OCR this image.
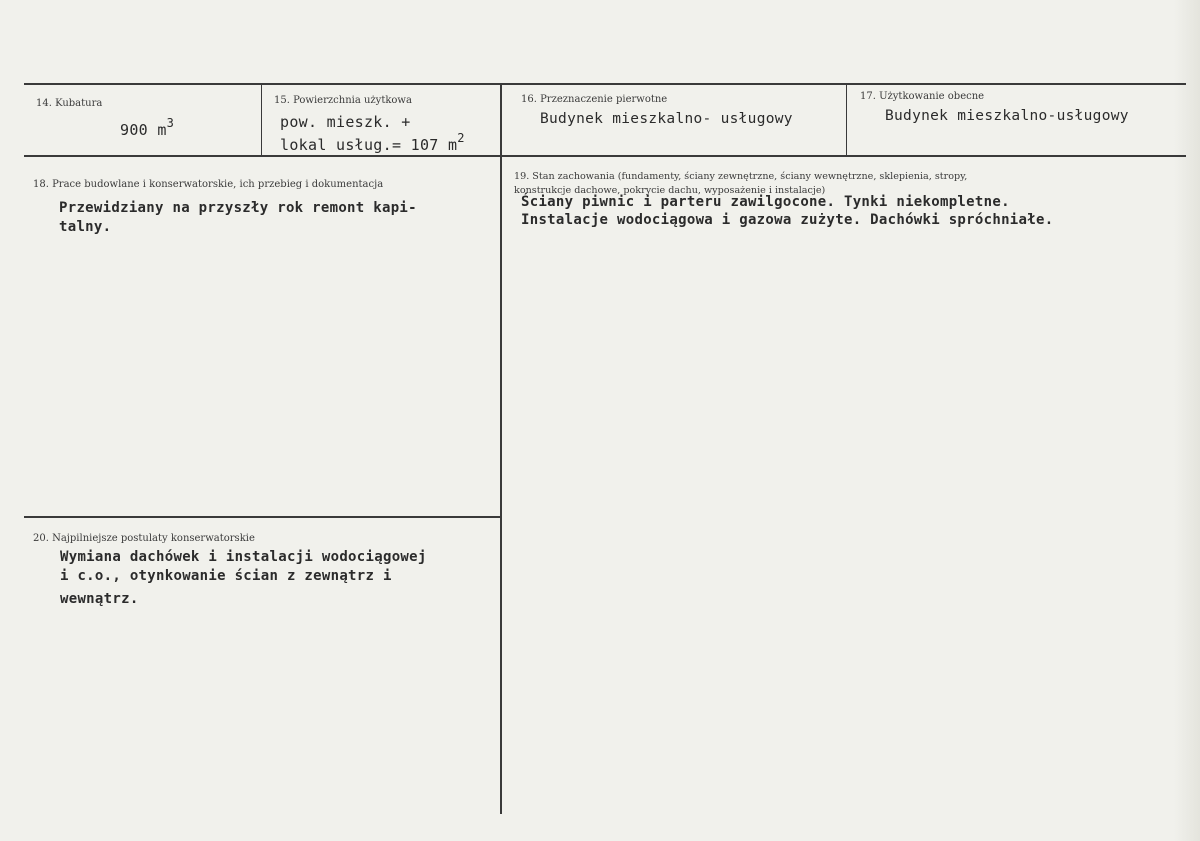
14. Kubatura
900 $m^3$
15. Powierzchnia użytkowa
pow. mieszk. +
lokal usług.= 107 $m^2$
16. Przeznaczenie pierwotne
Budynek mieszkalno- usługowy
17. Użytkowanie obecne
Budynek mieszkalno-usługowy
18. Prace budowlane i konserwatorskie, ich przebieg i dokumentacja
Przewidziany na przyszły rok remont kapi-
talny.
19. Stan zachowania (fundamenty, ściany zewnętrzne, ściany wewnętrzne, sklepienia, stropy,
konstrukcje dachowe, pokrycie dachu, wyposażenie i instalacje)
Ściany piwnic i parteru zawilgocone. Tynki niekompletne.
Instalacje wodociągowa i gazowa zużyte. Dachówki spróchniałe.
20. Najpilniejsze postulaty konserwatorskie
Wymiana dachówek i instalacji wodociągowej
i c.o., otynkowanie ścian z zewnątrz i
wewnątrz.
